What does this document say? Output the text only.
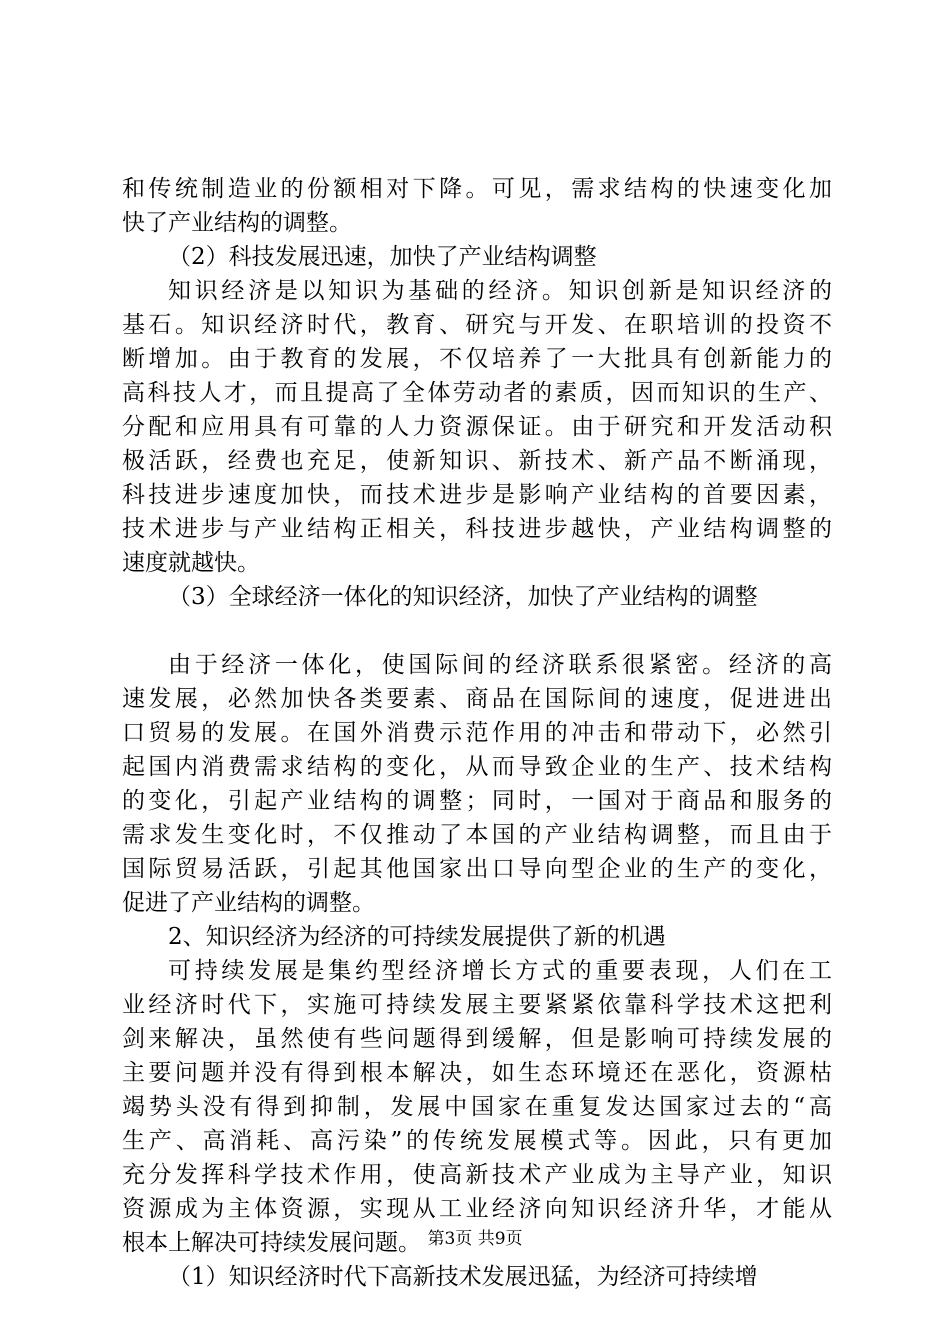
和传统制造业的份额相对下降。可见，需求结构的快速变化加
快了产业结构的调整。
（2）科技发展迅速，加快了产业结构调整
知识经济是以知识为基础的经济。知识创新是知识经济的
基石。知识经济时代，教育、研究与开发、在职培训的投资不
断增加。由于教育的发展，不仅培养了一大批具有创新能力的
高科技人才，而且提高了全体劳动者的素质，因而知识的生产、
分配和应用具有可靠的人力资源保证。由于研究和开发活动积
极活跃，经费也充足，使新知识、新技术、新产品不断涌现，
科技进步速度加快，而技术进步是影响产业结构的首要因素，
技术进步与产业结构正相关，科技进步越快，产业结构调整的
速度就越快。
（3）全球经济一体化的知识经济，加快了产业结构的调整
由于经济一体化，使国际间的经济联系很紧密。经济的高
速发展，必然加快各类要素、商品在国际间的速度，促进进出
口贸易的发展。在国外消费示范作用的冲击和带动下，必然引
起国内消费需求结构的变化，从而导致企业的生产、技术结构
的变化，引起产业结构的调整；同时，一国对于商品和服务的
需求发生变化时，不仅推动了本国的产业结构调整，而且由于
国际贸易活跃，引起其他国家出口导向型企业的生产的变化，
促进了产业结构的调整。
2、知识经济为经济的可持续发展提供了新的机遇
可持续发展是集约型经济增长方式的重要表现，人们在工
业经济时代下，实施可持续发展主要紧紧依靠科学技术这把利
剑来解决，虽然使有些问题得到缓解，但是影响可持续发展的
主要问题并没有得到根本解决，如生态环境还在恶化，资源枯
竭势头没有得到抑制，发展中国家在重复发达国家过去的“高
生产、高消耗、高污染”的传统发展模式等。因此，只有更加
充分发挥科学技术作用，使高新技术产业成为主导产业，知识
资源成为主体资源，实现从工业经济向知识经济升华，才能从
根本上解决可持续发展问题。
（1）知识经济时代下高新技术发展迅猛，为经济可持续增
第3页 共9页
